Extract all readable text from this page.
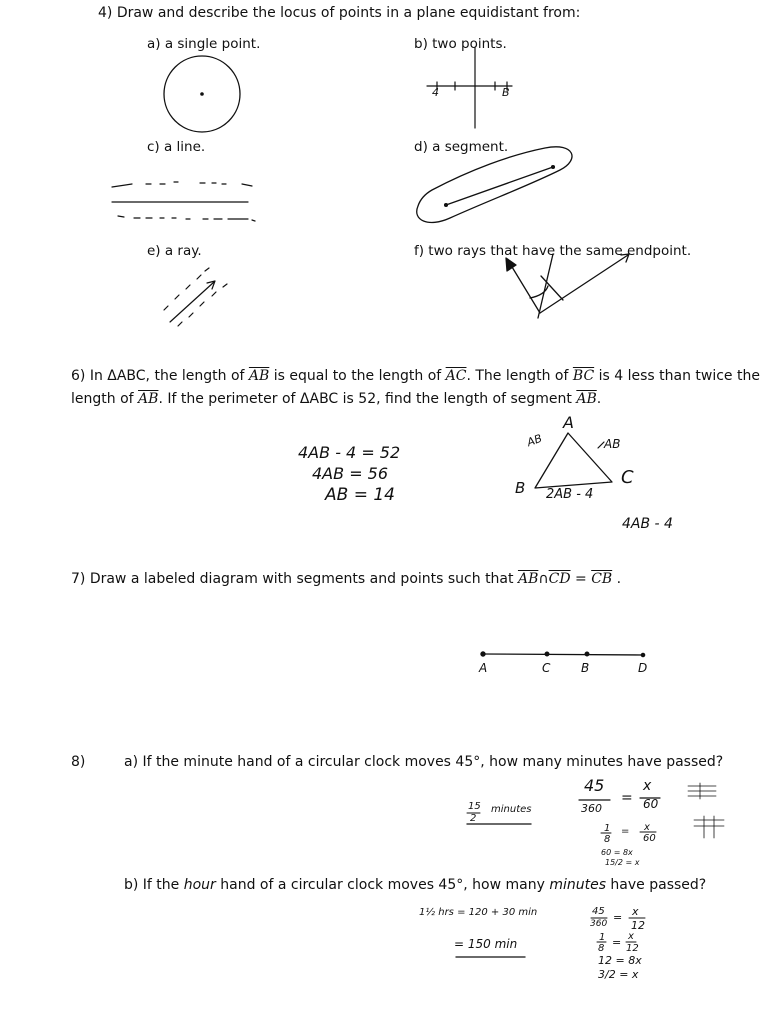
4) Draw and describe the locus of points in a plane equidistant from:
a) a single point.	b) two points.
c) a line.	d) a segment.
e) a ray.	f) two rays that have the same endpoint.
4	B
6) In ΔABC, the length of $\overline{AB}$ is equal to the length of $\overline{AC}$. The length of $\overline{BC}$ is 4 less than twice the
length of $\overline{AB}$. If the perimeter of ΔABC is 52, find the length of segment $\overline{AB}$.
4AB - 4 = 52
4AB = 56
AB = 14
A
B	C
AB	AB
2AB - 4
4AB - 4
7) Draw a labeled diagram with segments and points such that $\overline{AB}\cap\overline{CD} = \overline{CB}$ .
A	C	B	D
8)	a) If the minute hand of a circular clock moves 45°, how many minutes have passed?
15
2
minutes
45
360
=
x
60
1
8
= x
60
60 = 8x
15/2 = x
b) If the hour hand of a circular clock moves 45°, how many minutes have passed?
1½ hrs = 120 + 30 min
= 150 min
45
360 = x
12
1
8 = x
12
12 = 8x
3/2 = x
